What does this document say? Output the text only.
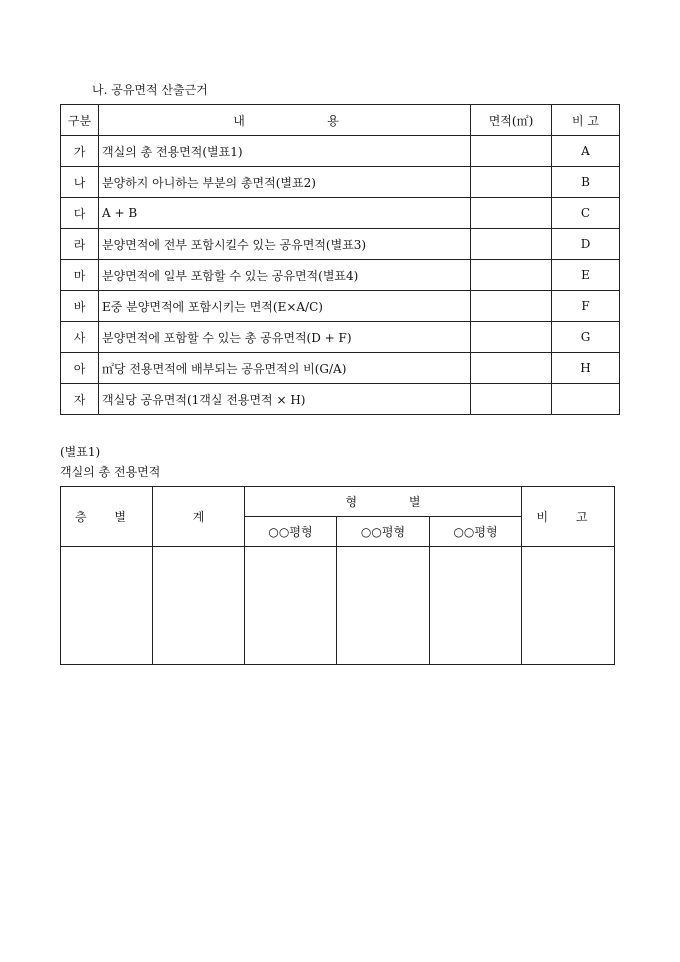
나. 공유면적 산출근거
구분	내 용	면적(㎡)	비 고
가	객실의 총 전용면적(별표1)		A
나	분양하지 아니하는 부분의 총면적(별표2)		B
다	A + B		C
라	분양면적에 전부 포함시킬수 있는 공유면적(별표3)		D
마	분양면적에 일부 포함할 수 있는 공유면적(별표4)		E
바	E중 분양면적에 포함시키는 면적(E×A/C)		F
사	분양면적에 포함할 수 있는 총 공유면적(D + F)		G
아	㎡당 전용면적에 배부되는 공유면적의 비(G/A)		H
자	객실당 공유면적(1객실 전용면적 × H)		
(별표1)
객실의 총 전용면적
층 별	계	형 별			비 고
		○○평형	○○평형	○○평형	
